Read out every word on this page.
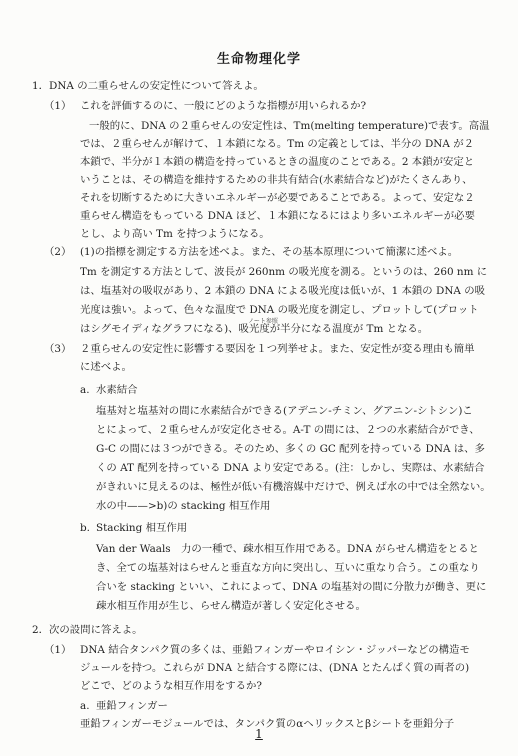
生命物理化学
1．DNA の二重らせんの安定性について答えよ。
（1） これを評価するのに、一般にどのような指標が用いられるか?
一般的に、DNA の２重らせんの安定性は、Tm(melting temperature)で表す。高温
では、２重らせんが解けて、１本鎖になる。Tm の定義としては、半分の DNA が２
本鎖で、半分が１本鎖の構造を持っているときの温度のことである。2 本鎖が安定と
いうことは、その構造を維持するための非共有結合(水素結合など)がたくさんあり、
それを切断するために大きいエネルギーが必要であることである。よって、安定な２
重らせん構造をもっている DNA ほど、１本鎖になるにはより多いエネルギーが必要
とし、より高い Tm を持つようになる。
（2） (1)の指標を測定する方法を述べよ。また、その基本原理について簡潔に述べよ。
Tm を測定する方法として、波長が 260nm の吸光度を測る。というのは、260 nm に
は、塩基対の吸収があり、2 本鎖の DNA による吸光度は低いが、1 本鎖の DNA の吸
光度は強い。よって、色々な温度で DNA の吸光度を測定し、プロットして(プロット
ノート参照
はシグモイディなグラフになる)、吸光度が半分になる温度が Tm となる。
（3） ２重らせんの安定性に影響する要因を１つ列挙せよ。また、安定性が変る理由も簡単
に述べよ。
a. 水素結合
塩基対と塩基対の間に水素結合ができる(アデニン-チミン、グアニン-シトシン)こ
とによって、２重らせんが安定化させる。A-T の間には、２つの水素結合ができ、
G-C の間には３つができる。そのため、多くの GC 配列を持っている DNA は、多
くの AT 配列を持っている DNA より安定である。(注：しかし、実際は、水素結合
がきれいに見えるのは、極性が低い有機溶媒中だけで、例えば水の中では全然ない。
水の中——>b)の stacking 相互作用
b. Stacking 相互作用
Van der Waals　力の一種で、疎水相互作用である。DNA がらせん構造をとると
き、全ての塩基対はらせんと垂直な方向に突出し、互いに重なり合う。この重なり
合いを stacking といい、これによって、DNA の塩基対の間に分散力が働き、更に
疎水相互作用が生じ、らせん構造が著しく安定化させる。
2．次の設問に答えよ。
（1） DNA 結合タンパク質の多くは、亜鉛フィンガーやロイシン・ジッパーなどの構造モ
ジュールを持つ。これらが DNA と結合する際には、(DNA とたんぱく質の両者の)
どこで、どのような相互作用をするか?
a. 亜鉛フィンガー
亜鉛フィンガーモジュールでは、タンパク質のαヘリックスとβシートを亜鉛分子
1
